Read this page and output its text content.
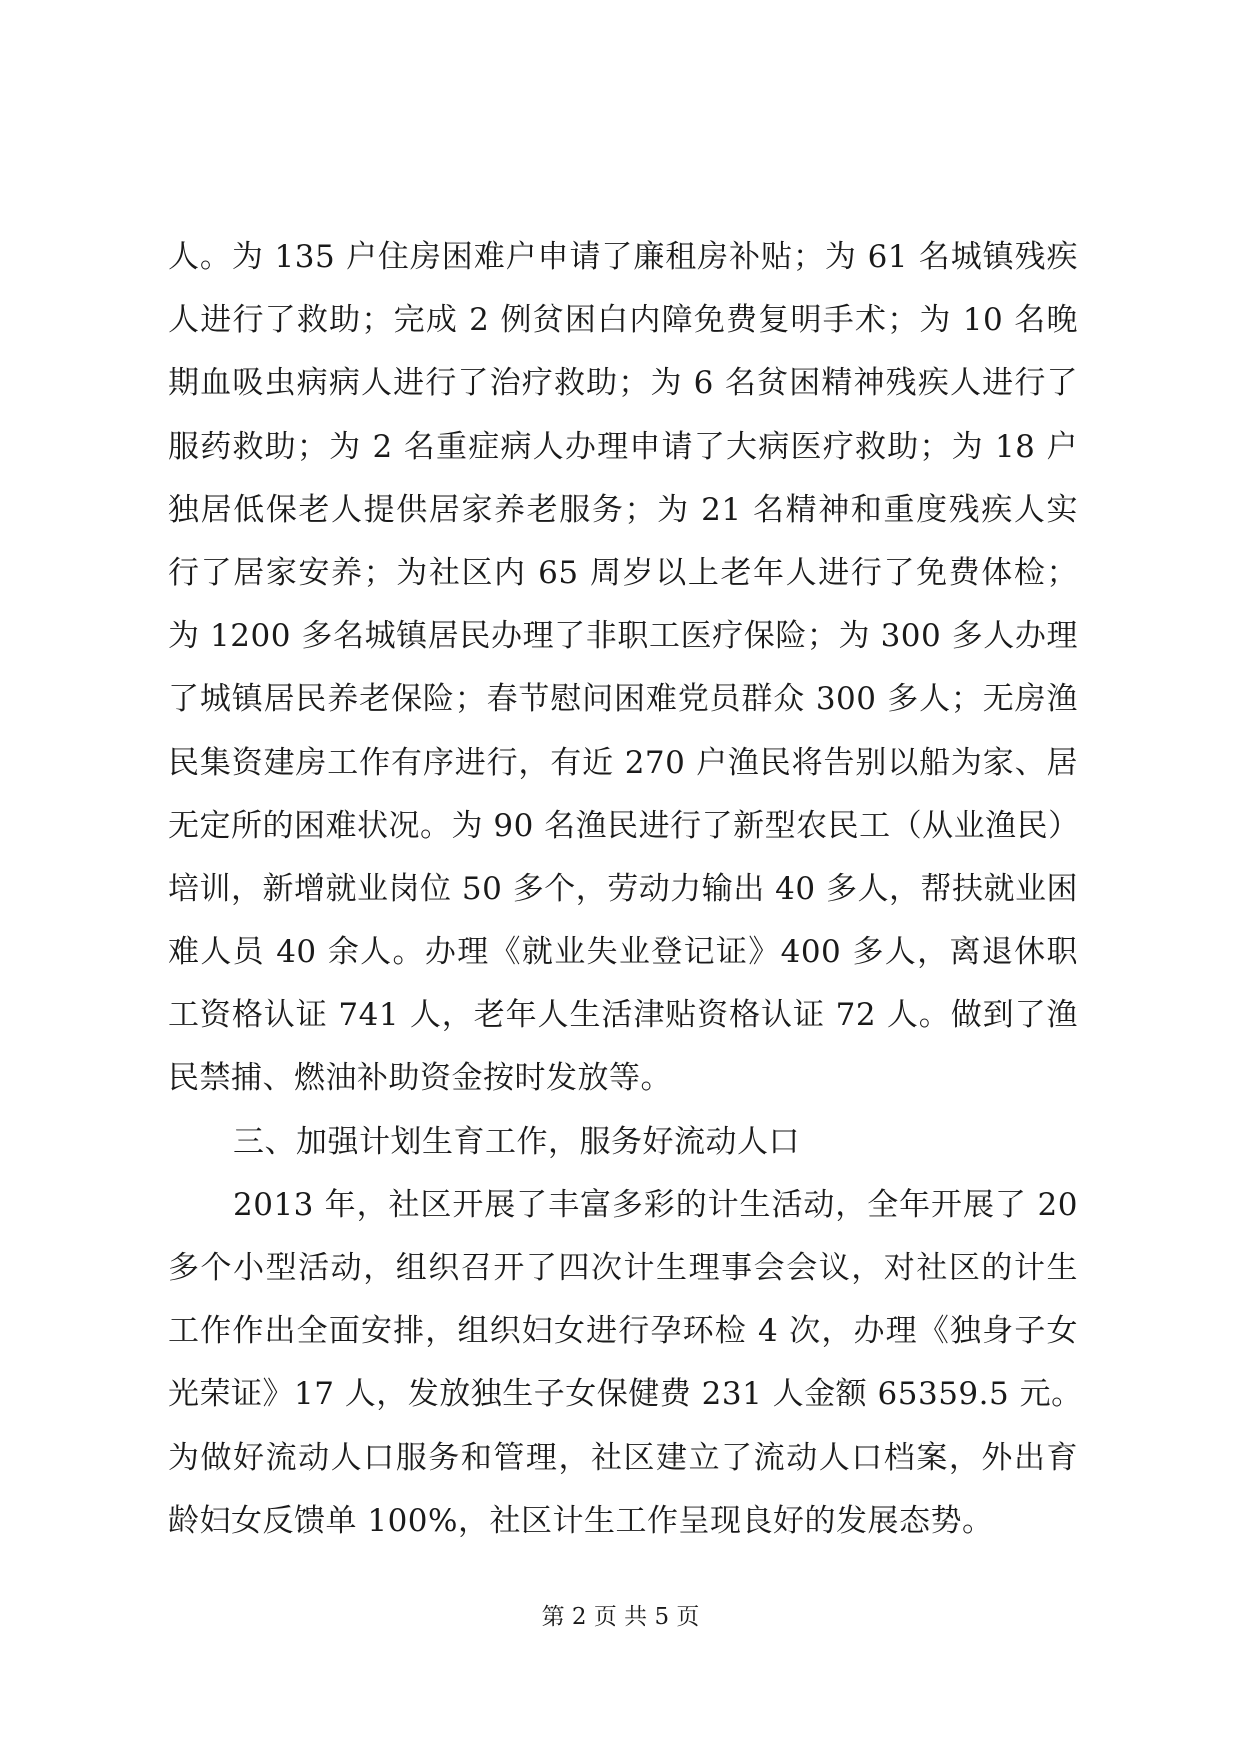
人。为 135 户住房困难户申请了廉租房补贴；为 61 名城镇残疾
人进行了救助；完成 2 例贫困白内障免费复明手术；为 10 名晚
期血吸虫病病人进行了治疗救助；为 6 名贫困精神残疾人进行了
服药救助；为 2 名重症病人办理申请了大病医疗救助；为 18 户
独居低保老人提供居家养老服务；为 21 名精神和重度残疾人实
行了居家安养；为社区内 65 周岁以上老年人进行了免费体检；
为 1200 多名城镇居民办理了非职工医疗保险；为 300 多人办理
了城镇居民养老保险；春节慰问困难党员群众 300 多人；无房渔
民集资建房工作有序进行，有近 270 户渔民将告别以船为家、居
无定所的困难状况。为 90 名渔民进行了新型农民工（从业渔民）
培训，新增就业岗位 50 多个，劳动力输出 40 多人，帮扶就业困
难人员 40 余人。办理《就业失业登记证》400 多人，离退休职
工资格认证 741 人，老年人生活津贴资格认证 72 人。做到了渔
民禁捕、燃油补助资金按时发放等。
三、加强计划生育工作，服务好流动人口
2013 年，社区开展了丰富多彩的计生活动，全年开展了 20
多个小型活动，组织召开了四次计生理事会会议，对社区的计生
工作作出全面安排，组织妇女进行孕环检 4 次，办理《独身子女
光荣证》17 人，发放独生子女保健费 231 人金额 65359.5 元。
为做好流动人口服务和管理，社区建立了流动人口档案，外出育
龄妇女反馈单 100%，社区计生工作呈现良好的发展态势。
第 2 页 共 5 页
